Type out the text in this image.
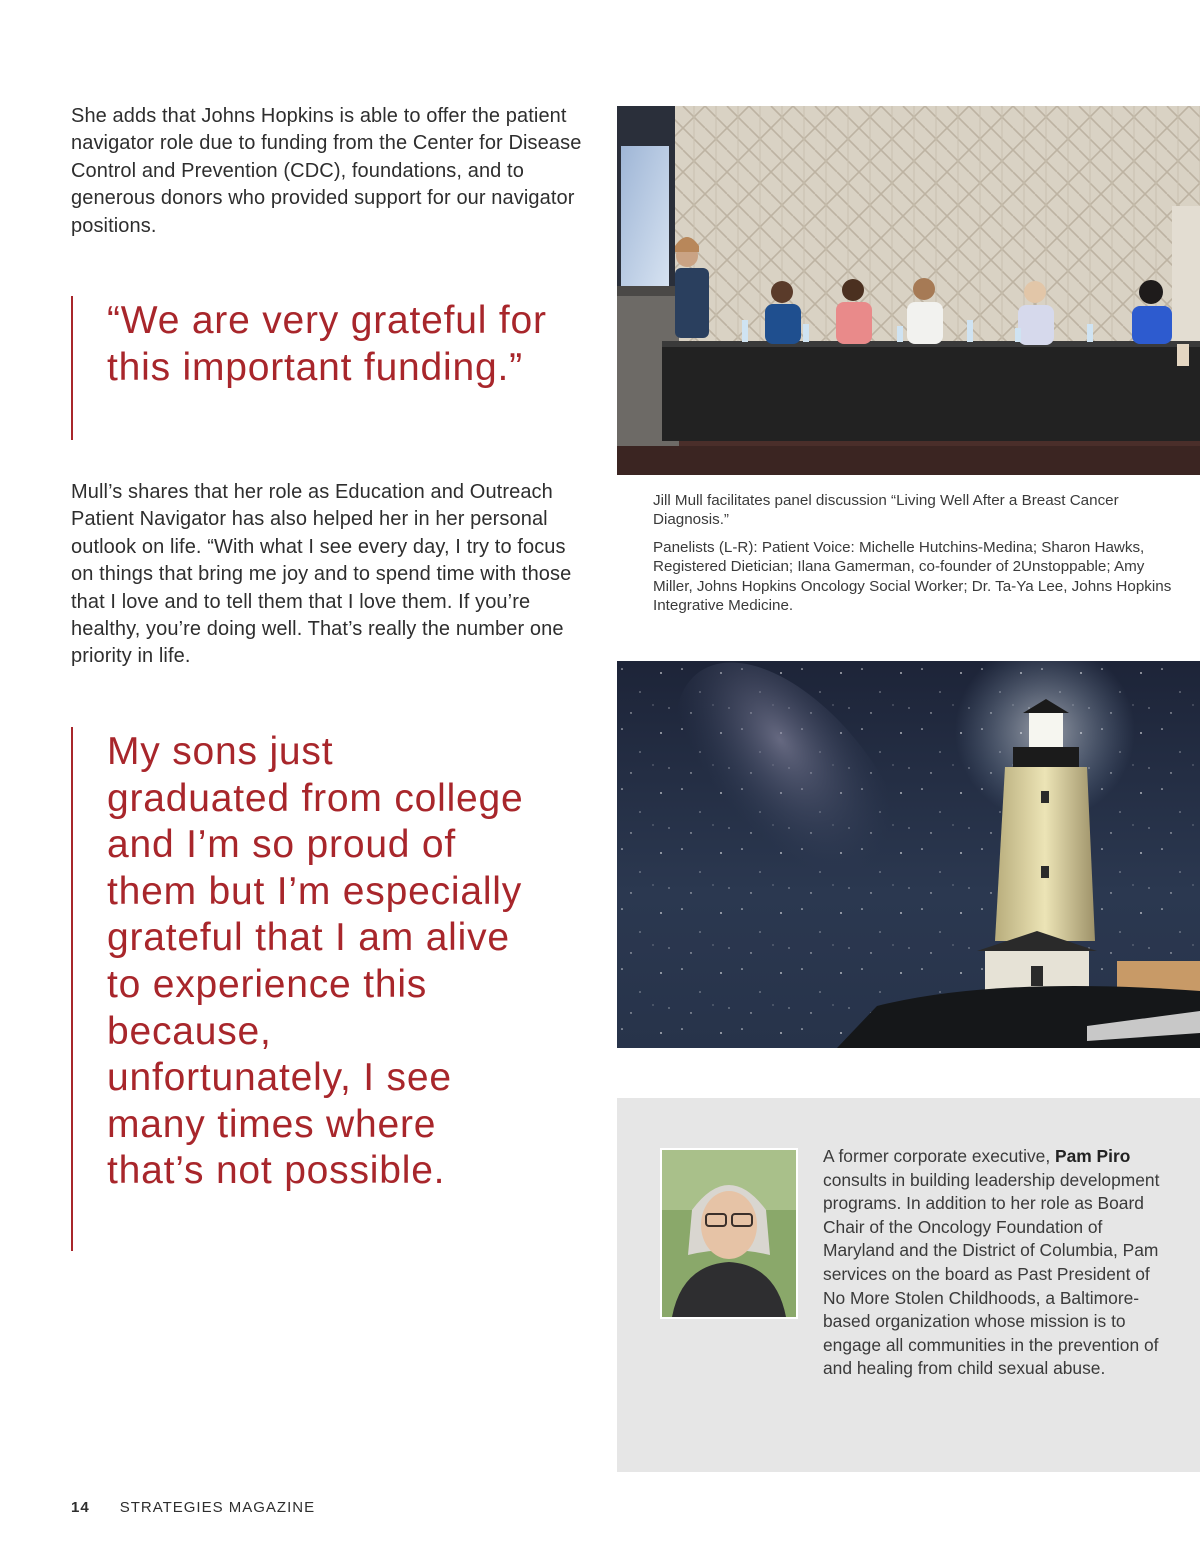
She adds that Johns Hopkins is able to offer the patient navigator role due to funding from the Center for Disease Control and Prevention (CDC), foundations, and to generous donors who provided support for our navigator positions.

“We are very grateful for this important funding.”

Mull’s shares that her role as Education and Outreach Patient Navigator has also helped her in her personal outlook on life. “With what I see every day, I try to focus on things that bring me joy and to spend time with those that I love and to tell them that I love them. If you’re healthy, you’re doing well. That’s really the number one priority in life.

My sons just graduated from college and I’m so proud of them but I’m especially grateful that I am alive to experience this because, unfortunately, I see many times where that’s not possible.

Jill Mull facilitates panel discussion “Living Well After a Breast Cancer Diagnosis.”

Panelists (L-R): Patient Voice: Michelle Hutchins-Medina; Sharon Hawks, Registered Dietician; Ilana Gamerman, co-founder of 2Unstoppable; Amy Miller, Johns Hopkins Oncology Social Worker; Dr. Ta-Ya Lee, Johns Hopkins Integrative Medicine.

A former corporate executive, Pam Piro consults in building leadership development programs. In addition to her role as Board Chair of the Oncology Foundation of Maryland and the District of Columbia, Pam services on the board as Past President of No More Stolen Childhoods, a Baltimore-based organization whose mission is to engage all communities in the prevention of and healing from child sexual abuse.

14 STRATEGIES MAGAZINE
